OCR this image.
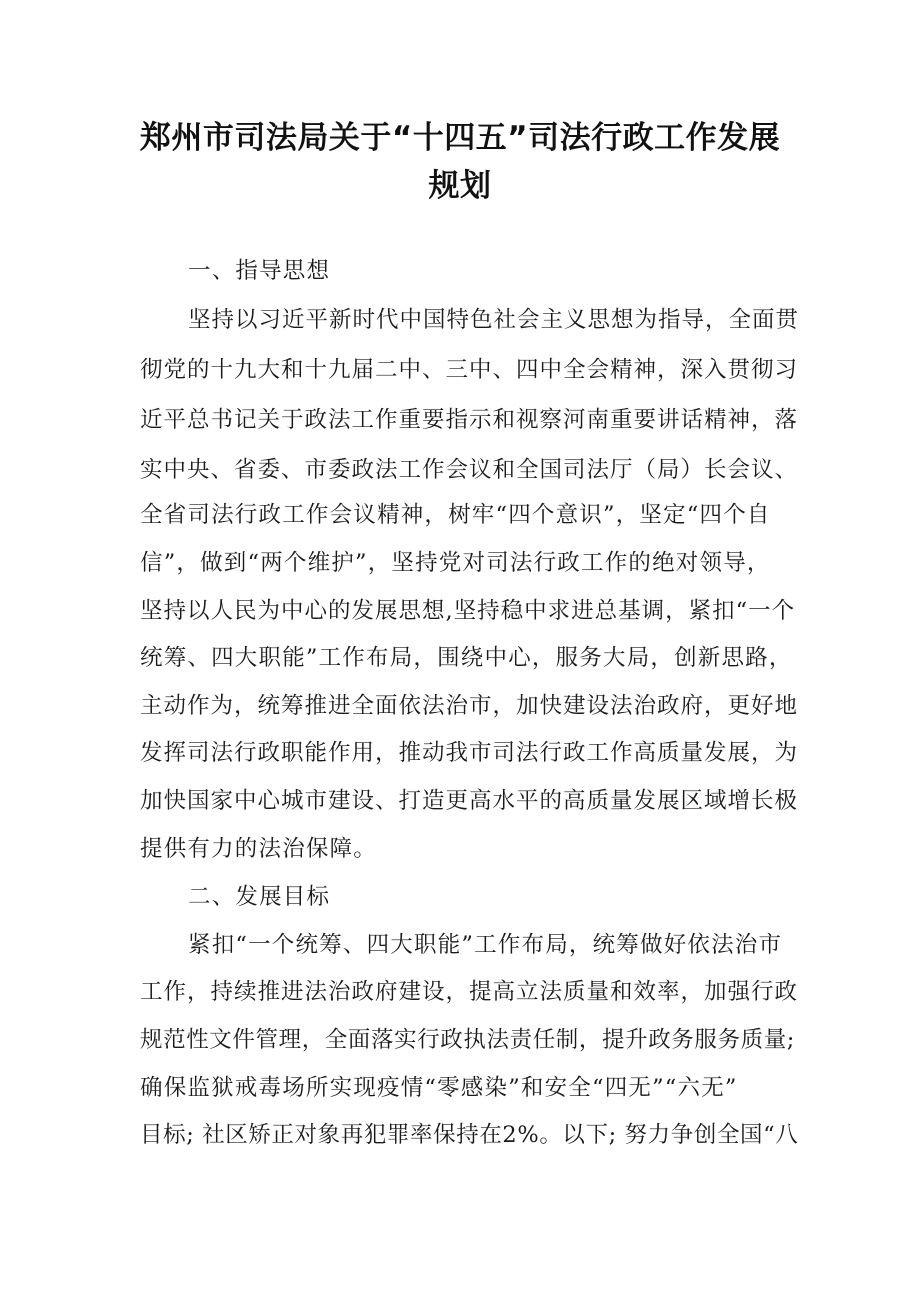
郑州市司法局关于“十四五”司法行政工作发展
规划
一、指导思想
坚持以习近平新时代中国特色社会主义思想为指导，全面贯
彻党的十九大和十九届二中、三中、四中全会精神，深入贯彻习
近平总书记关于政法工作重要指示和视察河南重要讲话精神，落
实中央、省委、市委政法工作会议和全国司法厅（局）长会议、
全省司法行政工作会议精神，树牢“四个意识”，坚定“四个自
信”，做到“两个维护”，坚持党对司法行政工作的绝对领导，
坚持以人民为中心的发展思想,坚持稳中求进总基调，紧扣“一个
统筹、四大职能”工作布局，围绕中心，服务大局，创新思路，
主动作为，统筹推进全面依法治市，加快建设法治政府，更好地
发挥司法行政职能作用，推动我市司法行政工作高质量发展，为
加快国家中心城市建设、打造更高水平的高质量发展区域增长极
提供有力的法治保障。
二、发展目标
紧扣“一个统筹、四大职能”工作布局，统筹做好依法治市
工作，持续推进法治政府建设，提高立法质量和效率，加强行政
规范性文件管理，全面落实行政执法责任制，提升政务服务质量;
确保监狱戒毒场所实现疫情“零感染”和安全“四无”“六无”
目标; 社区矫正对象再犯罪率保持在2%。以下; 努力争创全国“八
